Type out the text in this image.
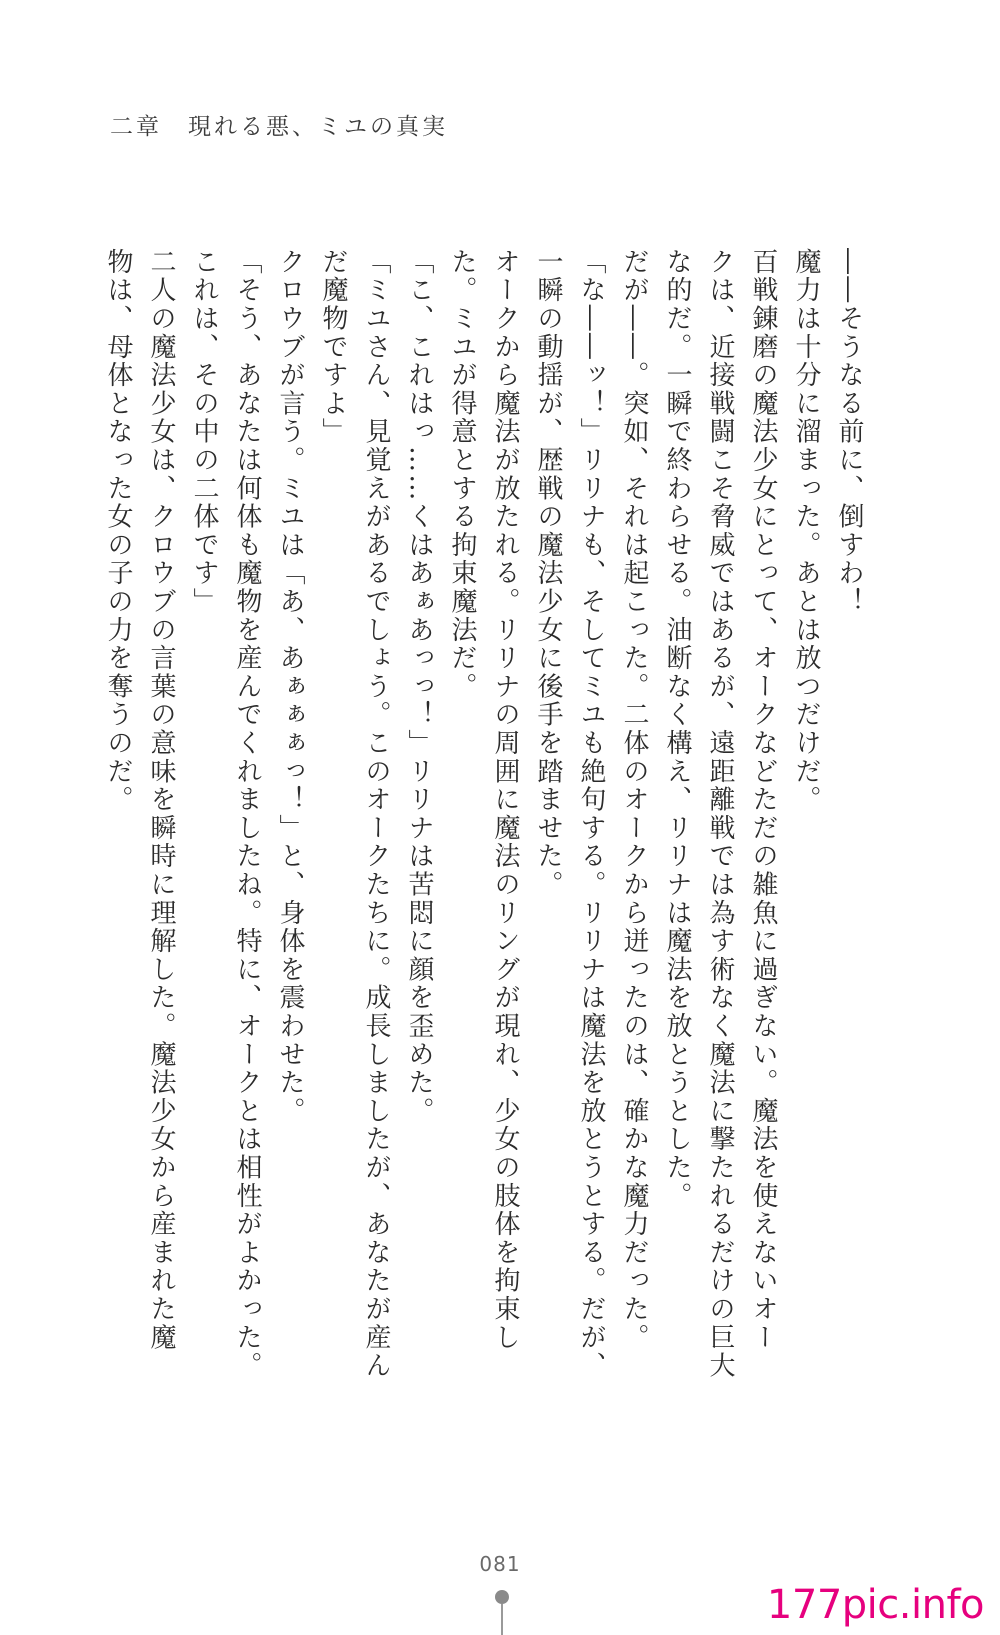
二章　現れる悪、ミユの真実

――そうなる前に、倒すわ！

魔力は十分に溜まった。あとは放つだけだ。

百戦錬磨の魔法少女にとって、オークなどただの雑魚に過ぎない。魔法を使えないオー

クは、近接戦闘こそ脅威ではあるが、遠距離戦では為す術なく魔法に撃たれるだけの巨大

な的だ。一瞬で終わらせる。油断なく構え、リリナは魔法を放とうとした。

だが――。突如、それは起こった。二体のオークから迸ったのは、確かな魔力だった。

「な――ッ！」リリナも、そしてミユも絶句する。リリナは魔法を放とうとする。だが、

一瞬の動揺が、歴戦の魔法少女に後手を踏ませた。

オークから魔法が放たれる。リリナの周囲に魔法のリングが現れ、少女の肢体を拘束し

た。ミユが得意とする拘束魔法だ。

「こ、これはっ……くはあぁあっっ！」リリナは苦悶に顔を歪めた。

「ミユさん、見覚えがあるでしょう。このオークたちに。成長しましたが、あなたが産ん

だ魔物ですよ」

クロウブが言う。ミユは「あ、あぁぁぁっ！」と、身体を震わせた。

「そう、あなたは何体も魔物を産んでくれましたね。特に、オークとは相性がよかった。

これは、その中の二体です」

二人の魔法少女は、クロウブの言葉の意味を瞬時に理解した。魔法少女から産まれた魔

物は、母体となった女の子の力を奪うのだ。

081
177pic.info
